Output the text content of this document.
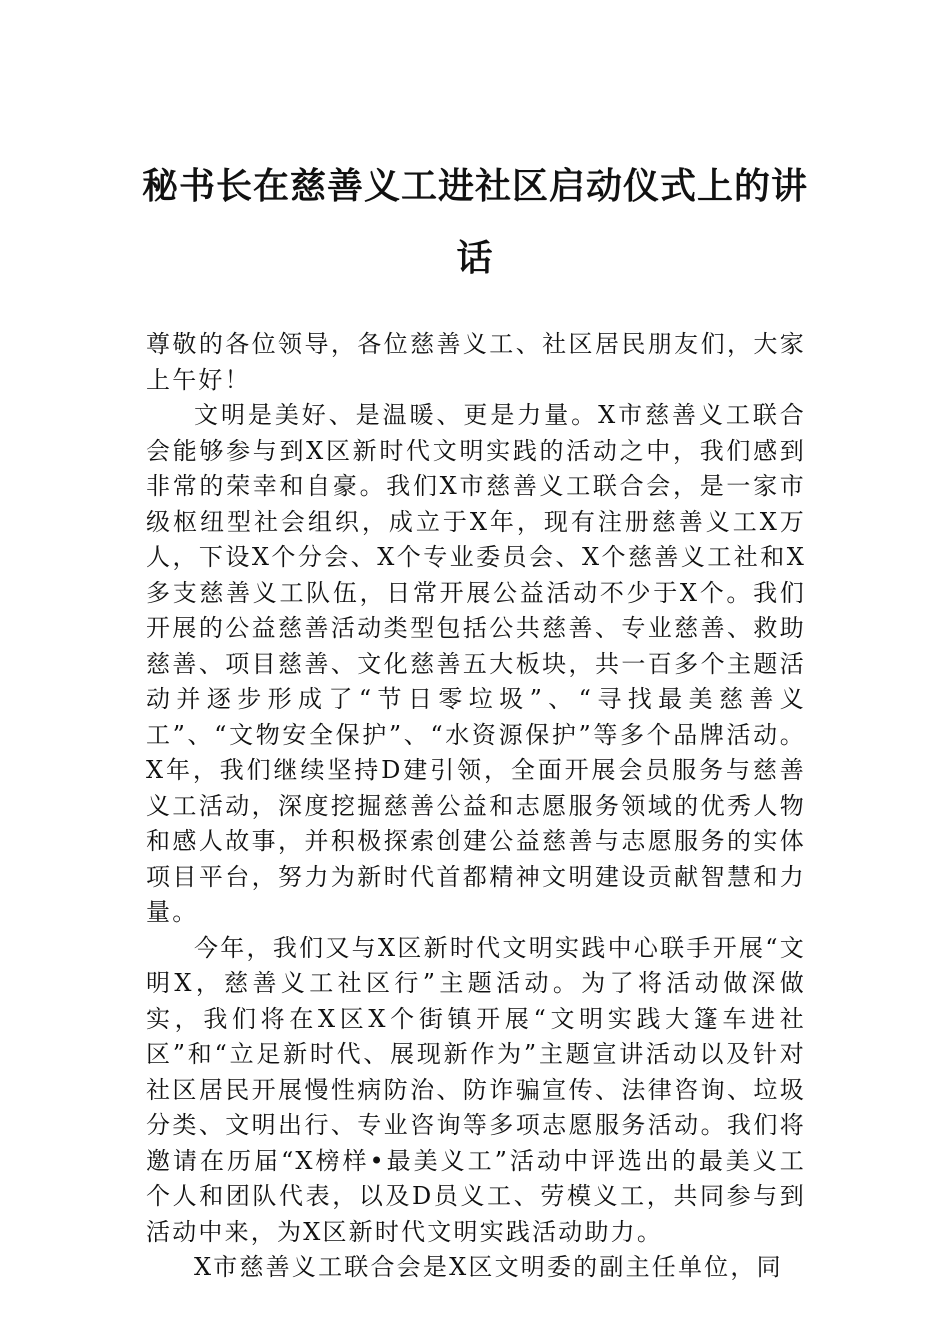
秘书长在慈善义工进社区启动仪式上的讲话

尊敬的各位领导，各位慈善义工、社区居民朋友们，大家上午好！

文明是美好、是温暖、更是力量。X市慈善义工联合会能够参与到X区新时代文明实践的活动之中，我们感到非常的荣幸和自豪。我们X市慈善义工联合会，是一家市级枢纽型社会组织，成立于X年，现有注册慈善义工X万人，下设X个分会、X个专业委员会、X个慈善义工社和X多支慈善义工队伍，日常开展公益活动不少于X个。我们开展的公益慈善活动类型包括公共慈善、专业慈善、救助慈善、项目慈善、文化慈善五大板块，共一百多个主题活动并逐步形成了“节日零垃圾”、“寻找最美慈善义工”、“文物安全保护”、“水资源保护”等多个品牌活动。X年，我们继续坚持D建引领，全面开展会员服务与慈善义工活动，深度挖掘慈善公益和志愿服务领域的优秀人物和感人故事，并积极探索创建公益慈善与志愿服务的实体项目平台，努力为新时代首都精神文明建设贡献智慧和力量。

今年，我们又与X区新时代文明实践中心联手开展“文明X，慈善义工社区行”主题活动。为了将活动做深做实，我们将在X区X个街镇开展“文明实践大篷车进社区”和“立足新时代、展现新作为”主题宣讲活动以及针对社区居民开展慢性病防治、防诈骗宣传、法律咨询、垃圾分类、文明出行、专业咨询等多项志愿服务活动。我们将邀请在历届“X榜样•最美义工”活动中评选出的最美义工个人和团队代表，以及D员义工、劳模义工，共同参与到活动中来，为X区新时代文明实践活动助力。

X市慈善义工联合会是X区文明委的副主任单位，同
